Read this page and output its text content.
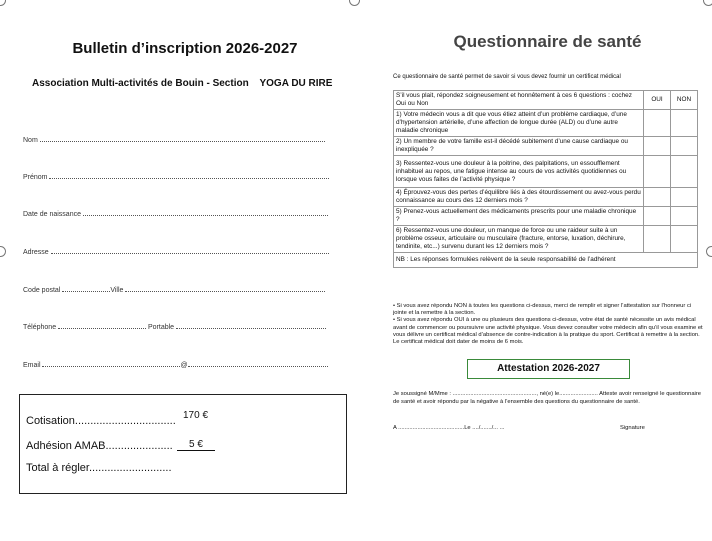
Bulletin d’inscription 2026-2027
Association Multi-activités de Bouin - Section YOGA DU RIRE
Nom
Prénom
Date de naissance
Adresse
Code postal	Ville
Téléphone	Portable
Email	@
Cotisation................................. 170 €
Adhésion AMAB......................	5 €
Total à régler...........................
Questionnaire de santé
Ce questionnaire de santé permet de savoir si vous devez fournir un certificat médical
S’il vous plait, répondez soigneusement et honnêtement à ces 6 questions : cochez Oui ou Non	OUI	NON
1) Votre médecin vous a dit que vous étiez atteint d’un problème cardiaque, d’une d’hypertension artérielle, d’une affection de longue durée (ALD) ou d’une autre maladie chronique		
2) Un membre de votre famille est-il décédé subitement d’une cause cardiaque ou inexpliquée ?		
3) Ressentez-vous une douleur à la poitrine, des palpitations, un essoufflement inhabituel au repos, une fatigue intense au cours de vos activités quotidiennes ou lorsque vous faites de l’activité physique ?		
4) Éprouvez-vous des pertes d’équilibre liés à des étourdissement ou avez-vous perdu connaissance au cours des 12 derniers mois ?		
5) Prenez-vous actuellement des médicaments prescrits pour une maladie chronique ?		
6) Ressentez-vous une douleur, un manque de force ou une raideur suite à un problème osseux, articulaire ou musculaire (fracture, entorse, luxation, déchirure, tendinite, etc...) survenu durant les 12 derniers mois ?		
NB : Les réponses formulées relèvent de la seule responsabilité de l’adhérent		
• Si vous avez répondu NON à toutes les questions ci-dessus, merci de remplir et signer l’attestation sur l’honneur ci jointe et la remettre à la section.
• Si vous avez répondu OUI à une ou plusieurs des questions ci-dessus, votre état de santé nécessite un avis médical avant de commencer ou poursuivre une activité physique. Vous devez consulter votre médecin afin qu’il vous examine et vous délivre un certificat médical d’absence de contre-indication à la pratique du sport. Certificat à remettre à la section. Le certificat médical doit dater de moins de 6 mois.
Attestation 2026-2027
Je soussigné M/Mme : ...................................................., né(e) le........................ Atteste avoir renseigné le questionnaire de santé et avoir répondu par la négative à l’ensemble des questions du questionnaire de santé.
A .........................................Le ..../......./... ...	Signature
